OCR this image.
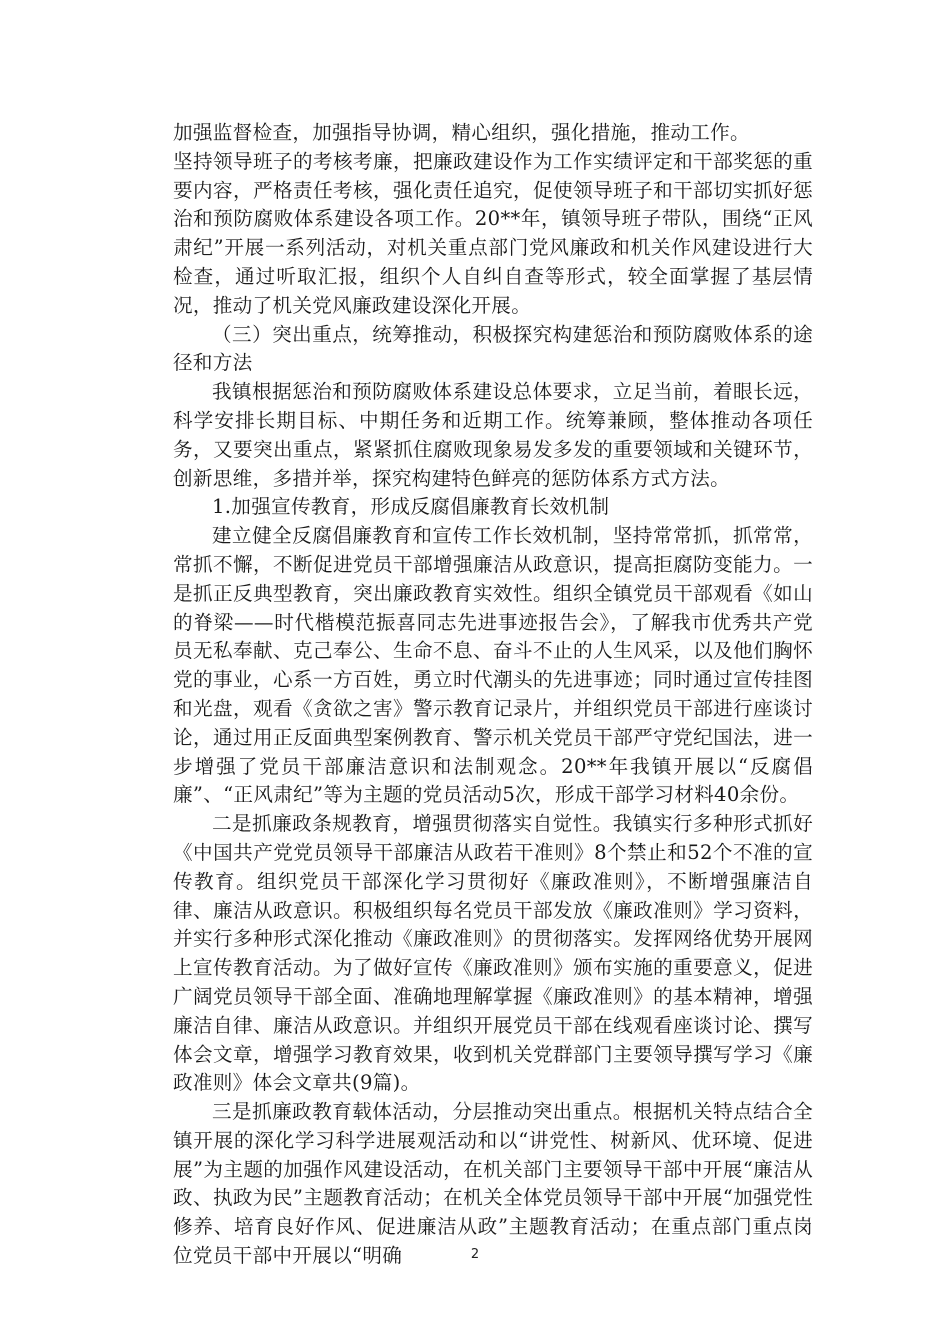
加强监督检查，加强指导协调，精心组织，强化措施，推动工作。

坚持领导班子的考核考廉，把廉政建设作为工作实绩评定和干部奖惩的重要内容，严格责任考核，强化责任追究，促使领导班子和干部切实抓好惩治和预防腐败体系建设各项工作。20**年，镇领导班子带队，围绕“正风肃纪”开展一系列活动，对机关重点部门党风廉政和机关作风建设进行大检查，通过听取汇报，组织个人自纠自查等形式，较全面掌握了基层情况，推动了机关党风廉政建设深化开展。

（三）突出重点，统筹推动，积极探究构建惩治和预防腐败体系的途径和方法

我镇根据惩治和预防腐败体系建设总体要求，立足当前，着眼长远，科学安排长期目标、中期任务和近期工作。统筹兼顾，整体推动各项任务，又要突出重点，紧紧抓住腐败现象易发多发的重要领域和关键环节，创新思维，多措并举，探究构建特色鲜亮的惩防体系方式方法。

1.加强宣传教育，形成反腐倡廉教育长效机制

建立健全反腐倡廉教育和宣传工作长效机制，坚持常常抓，抓常常，常抓不懈，不断促进党员干部增强廉洁从政意识，提高拒腐防变能力。一是抓正反典型教育，突出廉政教育实效性。组织全镇党员干部观看《如山的脊梁——时代楷模范振喜同志先进事迹报告会》，了解我市优秀共产党员无私奉献、克己奉公、生命不息、奋斗不止的人生风采，以及他们胸怀党的事业，心系一方百姓，勇立时代潮头的先进事迹；同时通过宣传挂图和光盘，观看《贪欲之害》警示教育记录片，并组织党员干部进行座谈讨论，通过用正反面典型案例教育、警示机关党员干部严守党纪国法，进一步增强了党员干部廉洁意识和法制观念。20**年我镇开展以“反腐倡廉”、“正风肃纪”等为主题的党员活动5次，形成干部学习材料40余份。

二是抓廉政条规教育，增强贯彻落实自觉性。我镇实行多种形式抓好《中国共产党党员领导干部廉洁从政若干准则》8个禁止和52个不准的宣传教育。组织党员干部深化学习贯彻好《廉政准则》，不断增强廉洁自律、廉洁从政意识。积极组织每名党员干部发放《廉政准则》学习资料，并实行多种形式深化推动《廉政准则》的贯彻落实。发挥网络优势开展网上宣传教育活动。为了做好宣传《廉政准则》颁布实施的重要意义，促进广阔党员领导干部全面、准确地理解掌握《廉政准则》的基本精神，增强廉洁自律、廉洁从政意识。并组织开展党员干部在线观看座谈讨论、撰写体会文章，增强学习教育效果，收到机关党群部门主要领导撰写学习《廉政准则》体会文章共(9篇)。

三是抓廉政教育载体活动，分层推动突出重点。根据机关特点结合全镇开展的深化学习科学进展观活动和以“讲党性、树新风、优环境、促进展”为主题的加强作风建设活动，在机关部门主要领导干部中开展“廉洁从政、执政为民”主题教育活动；在机关全体党员领导干部中开展“加强党性修养、培育良好作风、促进廉洁从政”主题教育活动；在重点部门重点岗位党员干部中开展以“明确	2
